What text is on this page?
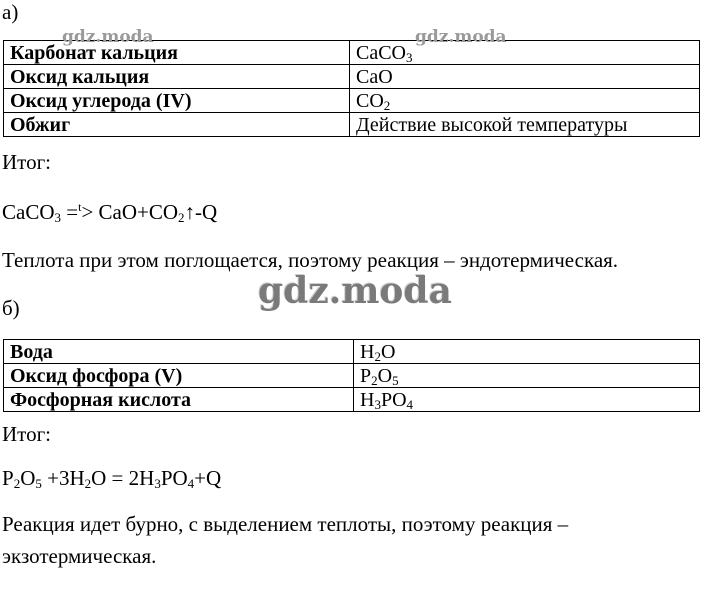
а)
Карбонат кальция	CaCO$_3$
Оксид кальция	CaO
Оксид углерода (IV)	$CO_2$
Обжиг	Действие высокой температуры
Итог:
CaCO$_3$ $=^t> CaO+CO_2↑-Q$
Теплота при этом поглощается, поэтому реакция – эндотермическая.
б)
Вода	$H_2O$
Оксид фосфора (V)	$P_2O_5$
Фосфорная кислота	$H_3PO_4$
Итог:
$P_2O_5 +3H_2O = 2H_3PO_4+Q$
Реакция идет бурно, с выделением теплоты, поэтому реакция –
экзотермическая.
gdz.moda	gdz.moda
gdz.moda
